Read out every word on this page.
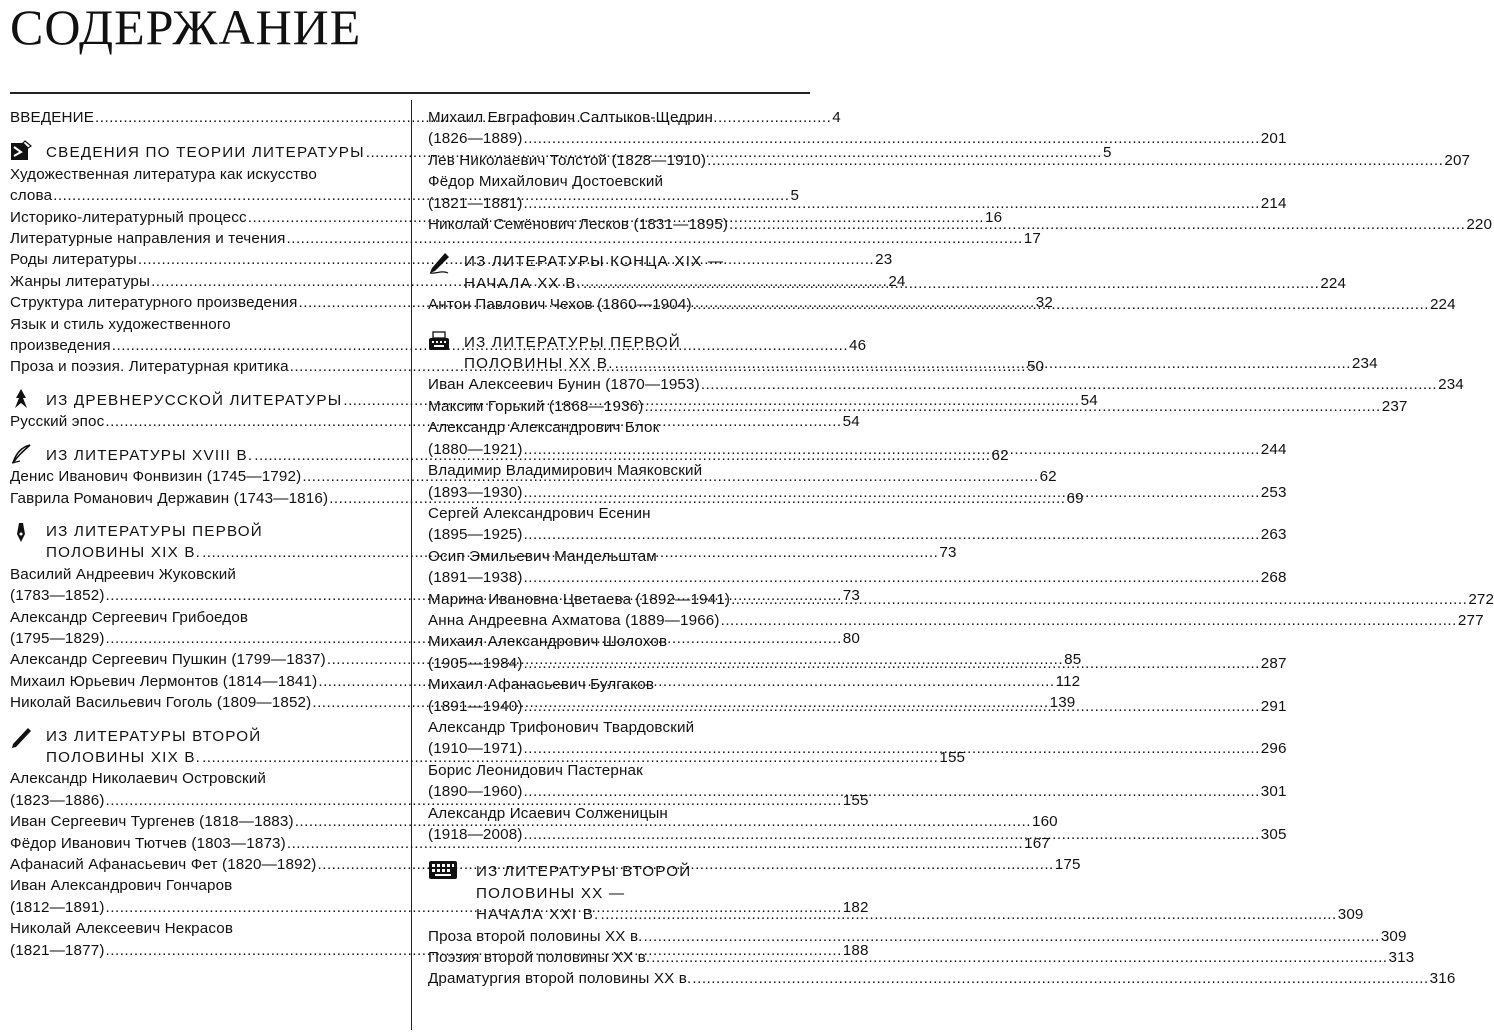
СОДЕРЖАНИЕ
ВВЕДЕНИЕ .....	4
СВЕДЕНИЯ ПО ТЕОРИИ ЛИТЕРАТУРЫ .....	5
Художественная литература как искусство
слова .....	5
Историко-литературный процесс .....	16
Литературные направления и течения .....	17
Роды литературы .....	23
Жанры литературы .....	24
Структура литературного произведения .....	32
Язык и стиль художественного
произведения .....	46
Проза и поэзия. Литературная критика .....	50
ИЗ ДРЕВНЕРУССКОЙ ЛИТЕРАТУРЫ .....	54
Русский эпос .....	54
ИЗ ЛИТЕРАТУРЫ XVIII В. .....	62
Денис Иванович Фонвизин (1745—1792) .....	62
Гаврила Романович Державин (1743—1816) .....	69
ИЗ ЛИТЕРАТУРЫ ПЕРВОЙ
ПОЛОВИНЫ XIX В. .....	73
Василий Андреевич Жуковский
(1783—1852) .....	73
Александр Сергеевич Грибоедов
(1795—1829) .....	80
Александр Сергеевич Пушкин (1799—1837) .....	85
Михаил Юрьевич Лермонтов (1814—1841) .....	112
Николай Васильевич Гоголь (1809—1852) .....	139
ИЗ ЛИТЕРАТУРЫ ВТОРОЙ
ПОЛОВИНЫ XIX В. .....	155
Александр Николаевич Островский
(1823—1886) .....	155
Иван Сергеевич Тургенев (1818—1883) .....	160
Фёдор Иванович Тютчев (1803—1873) .....	167
Афанасий Афанасьевич Фет (1820—1892) .....	175
Иван Александрович Гончаров
(1812—1891) .....	182
Николай Алексеевич Некрасов
(1821—1877) .....	188
Михаил Евграфович Салтыков-Щедрин
(1826—1889) .....	201
Лев Николаевич Толстой (1828—1910) .....	207
Фёдор Михайлович Достоевский
(1821—1881) .....	214
Николай Семёнович Лесков (1831—1895) .....	220
ИЗ ЛИТЕРАТУРЫ КОНЦА XIX —
НАЧАЛА XX В. .....	224
Антон Павлович Чехов (1860—1904) .....	224
ИЗ ЛИТЕРАТУРЫ ПЕРВОЙ
ПОЛОВИНЫ XX В. .....	234
Иван Алексеевич Бунин (1870—1953) .....	234
Максим Горький (1868—1936) .....	237
Александр Александрович Блок
(1880—1921) .....	244
Владимир Владимирович Маяковский
(1893—1930) .....	253
Сергей Александрович Есенин
(1895—1925) .....	263
Осип Эмильевич Мандельштам
(1891—1938) .....	268
Марина Ивановна Цветаева (1892—1941) .....	272
Анна Андреевна Ахматова (1889—1966) .....	277
Михаил Александрович Шолохов
(1905—1984) .....	287
Михаил Афанасьевич Булгаков
(1891—1940) .....	291
Александр Трифонович Твардовский
(1910—1971) .....	296
Борис Леонидович Пастернак
(1890—1960) .....	301
Александр Исаевич Солженицын
(1918—2008) .....	305
ИЗ ЛИТЕРАТУРЫ ВТОРОЙ
ПОЛОВИНЫ XX —
НАЧАЛА XXI В. .....	309
Проза второй половины XX в. .....	309
Поэзия второй половины XX в. .....	313
Драматургия второй половины XX в. .....	316
